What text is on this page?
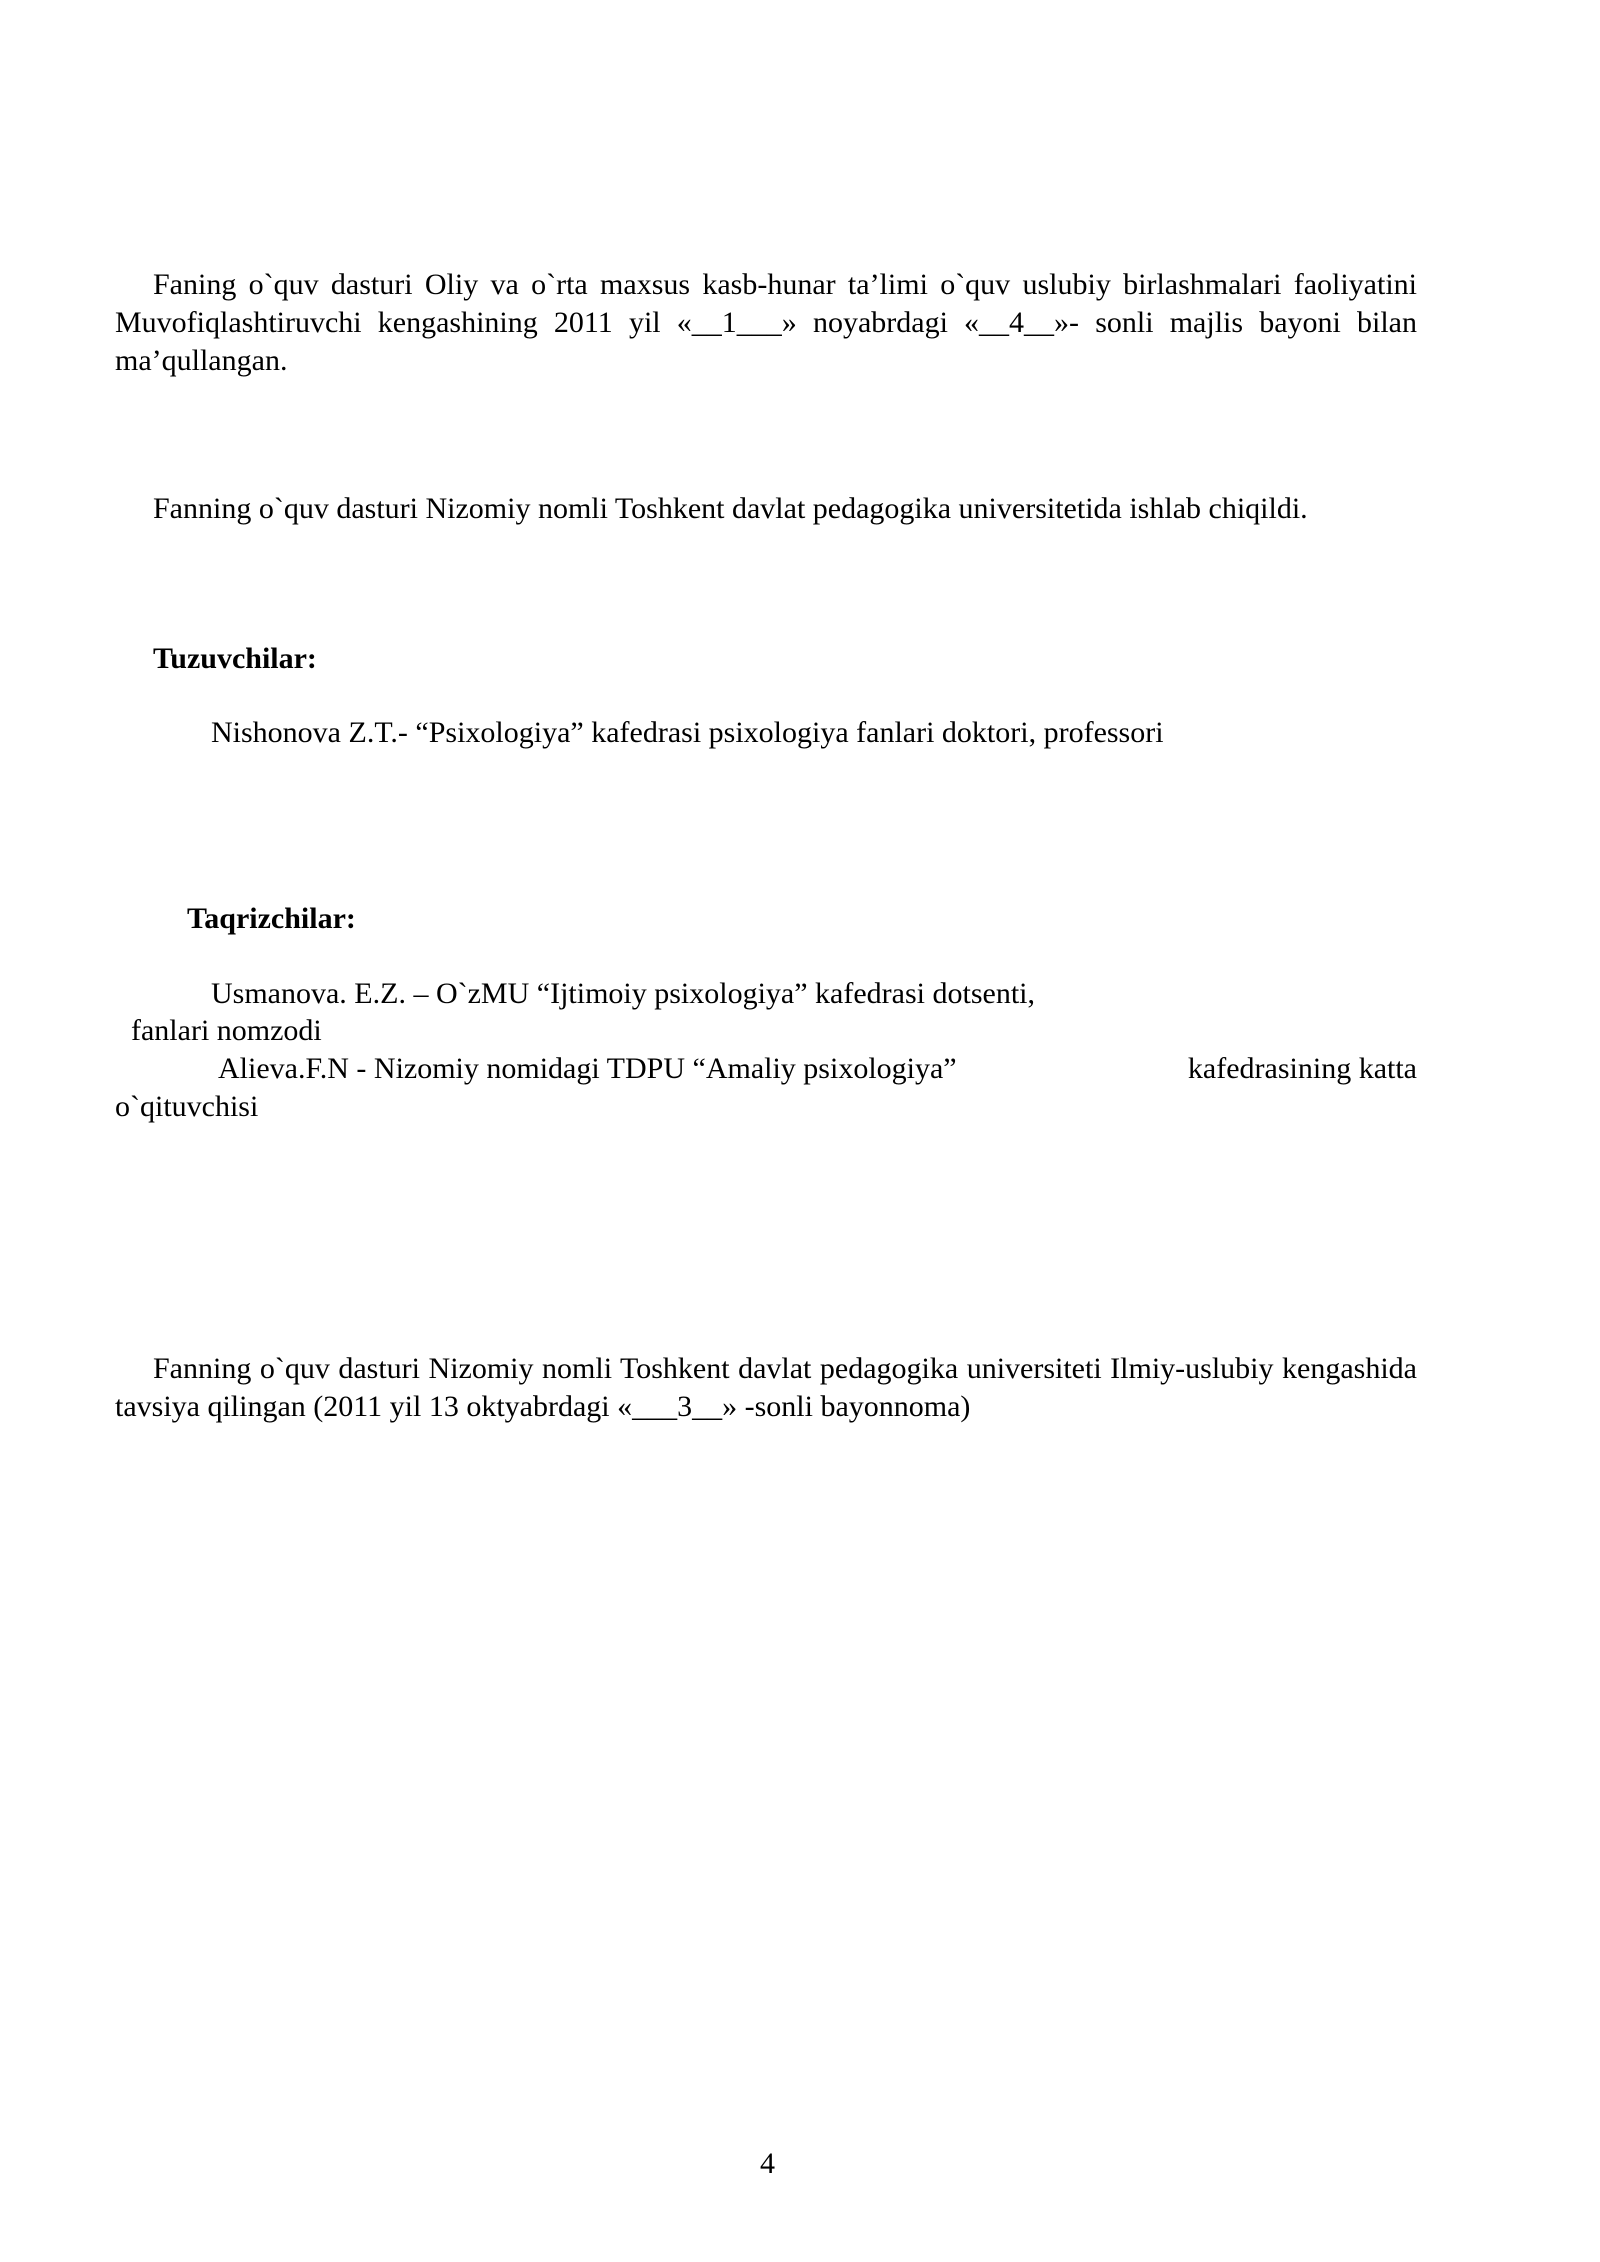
Faning o`quv dasturi Oliy va o`rta maxsus kasb-hunar ta’limi o`quv uslubiy birlashmalari faoliyatini Muvofiqlashtiruvchi kengashining 2011 yil «__1___» noyabrdagi «__4__»- sonli majlis bayoni bilan ma’qullangan.

Fanning o`quv dasturi Nizomiy nomli Toshkent davlat pedagogika universitetida ishlab chiqildi.

Tuzuvchilar:
Nishonova Z.T.- “Psixologiya” kafedrasi psixologiya fanlari doktori, professori
Taqrizchilar:
Usmanova. E.Z. – O`zMU “Ijtimoiy psixologiya” kafedrasi dotsenti,
fanlari nomzodi
Alieva.F.N - Nizomiy nomidagi TDPU “Amaliy psixologiya”	kafedrasining katta
o`qituvchisi

Fanning o`quv dasturi Nizomiy nomli Toshkent davlat pedagogika universiteti Ilmiy-uslubiy kengashida tavsiya qilingan (2011 yil 13 oktyabrdagi «___3__» -sonli bayonnoma)

4
